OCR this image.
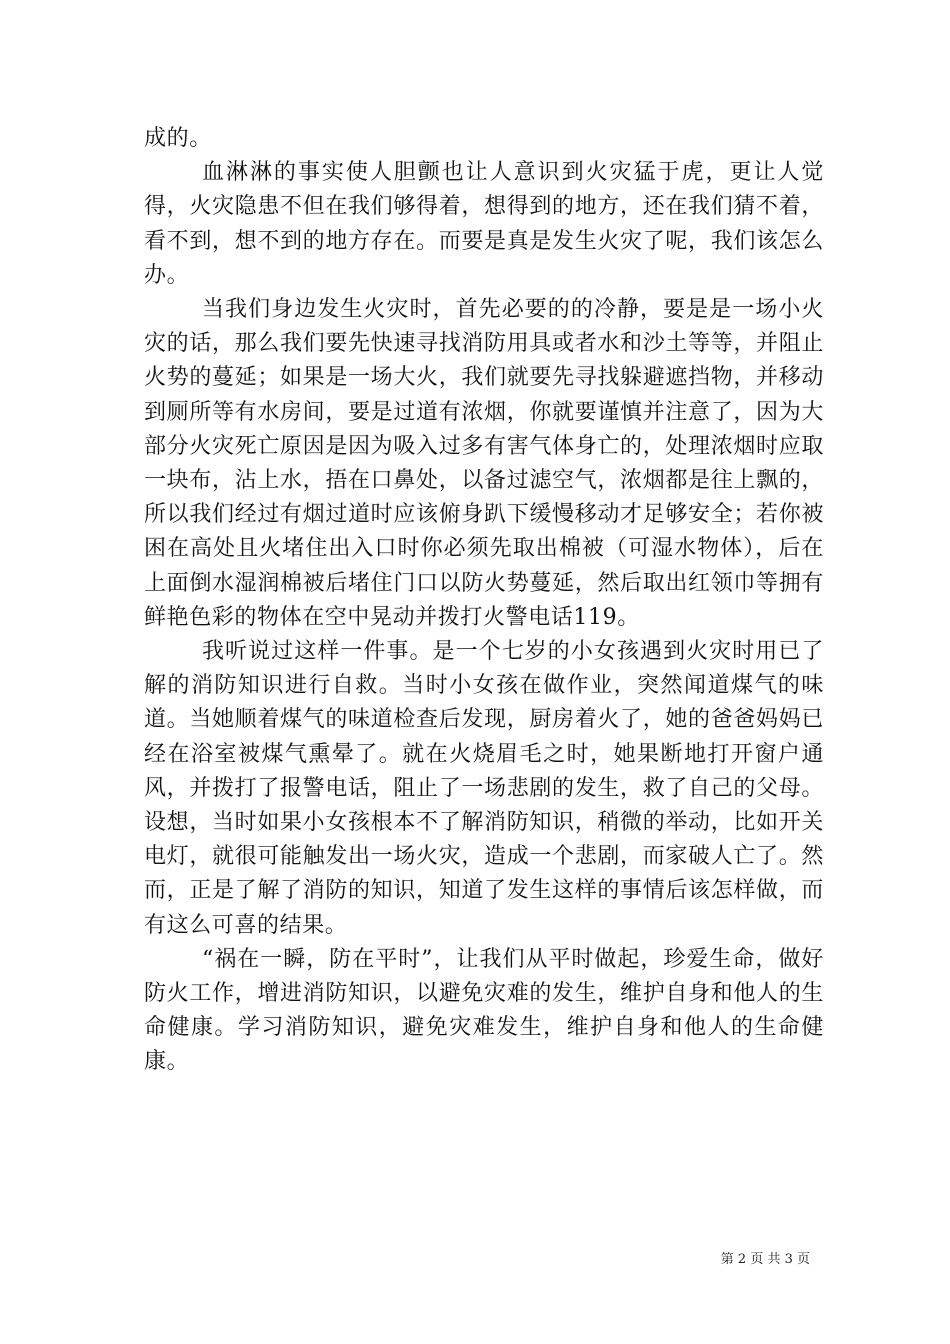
成的。

血淋淋的事实使人胆颤也让人意识到火灾猛于虎，更让人觉得，火灾隐患不但在我们够得着，想得到的地方，还在我们猜不着，看不到，想不到的地方存在。而要是真是发生火灾了呢，我们该怎么办。

当我们身边发生火灾时，首先必要的的冷静，要是是一场小火灾的话，那么我们要先快速寻找消防用具或者水和沙土等等，并阻止火势的蔓延；如果是一场大火，我们就要先寻找躲避遮挡物，并移动到厕所等有水房间，要是过道有浓烟，你就要谨慎并注意了，因为大部分火灾死亡原因是因为吸入过多有害气体身亡的，处理浓烟时应取一块布，沾上水，捂在口鼻处，以备过滤空气，浓烟都是往上飘的，所以我们经过有烟过道时应该俯身趴下缓慢移动才足够安全；若你被困在高处且火堵住出入口时你必须先取出棉被（可湿水物体），后在上面倒水湿润棉被后堵住门口以防火势蔓延，然后取出红领巾等拥有鲜艳色彩的物体在空中晃动并拨打火警电话119。

我听说过这样一件事。是一个七岁的小女孩遇到火灾时用已了解的消防知识进行自救。当时小女孩在做作业，突然闻道煤气的味道。当她顺着煤气的味道检查后发现，厨房着火了，她的爸爸妈妈已经在浴室被煤气熏晕了。就在火烧眉毛之时，她果断地打开窗户通风，并拨打了报警电话，阻止了一场悲剧的发生，救了自己的父母。设想，当时如果小女孩根本不了解消防知识，稍微的举动，比如开关电灯，就很可能触发出一场火灾，造成一个悲剧，而家破人亡了。然而，正是了解了消防的知识，知道了发生这样的事情后该怎样做，而有这么可喜的结果。

“祸在一瞬，防在平时”，让我们从平时做起，珍爱生命，做好防火工作，增进消防知识，以避免灾难的发生，维护自身和他人的生命健康。学习消防知识，避免灾难发生，维护自身和他人的生命健康。

第 2 页 共 3 页
